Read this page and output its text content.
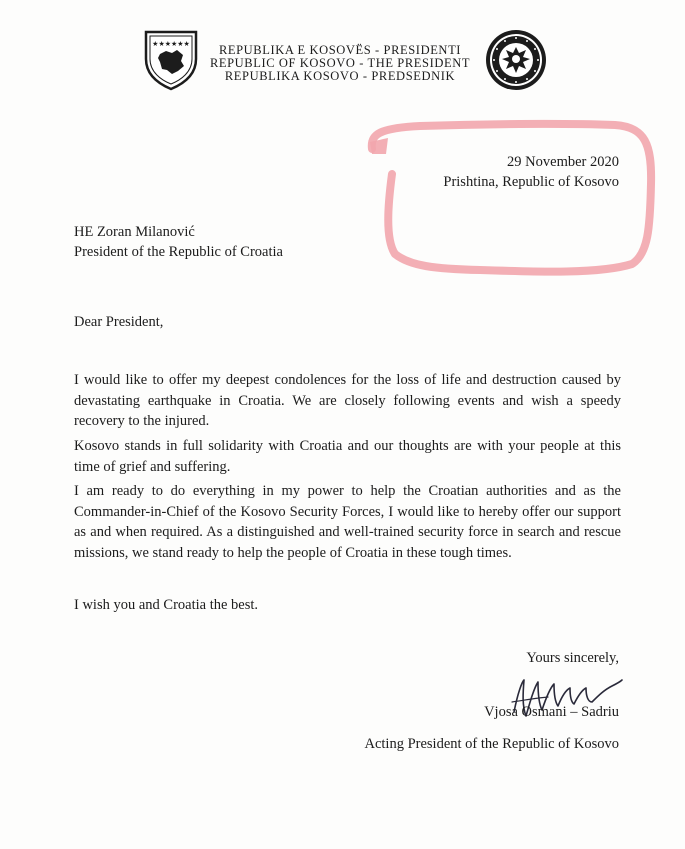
★★★★★★	REPUBLIKA E KOSOVËS - PRESIDENTI
REPUBLIC OF KOSOVO - THE PRESIDENT
REPUBLIKA KOSOVO - PREDSEDNIK
29 November 2020
Prishtina, Republic of Kosovo
HE Zoran Milanović
President of the Republic of Croatia
Dear President,
I would like to offer my deepest condolences for the loss of life and destruction caused by devastating earthquake in Croatia. We are closely following events and wish a speedy recovery to the injured.
Kosovo stands in full solidarity with Croatia and our thoughts are with your people at this time of grief and suffering.
I am ready to do everything in my power to help the Croatian authorities and as the Commander-in-Chief of the Kosovo Security Forces, I would like to hereby offer our support as and when required. As a distinguished and well-trained security force in search and rescue missions, we stand ready to help the people of Croatia in these tough times.
I wish you and Croatia the best.
Yours sincerely,
Vjosa Osmani – Sadriu
Acting President of the Republic of Kosovo
